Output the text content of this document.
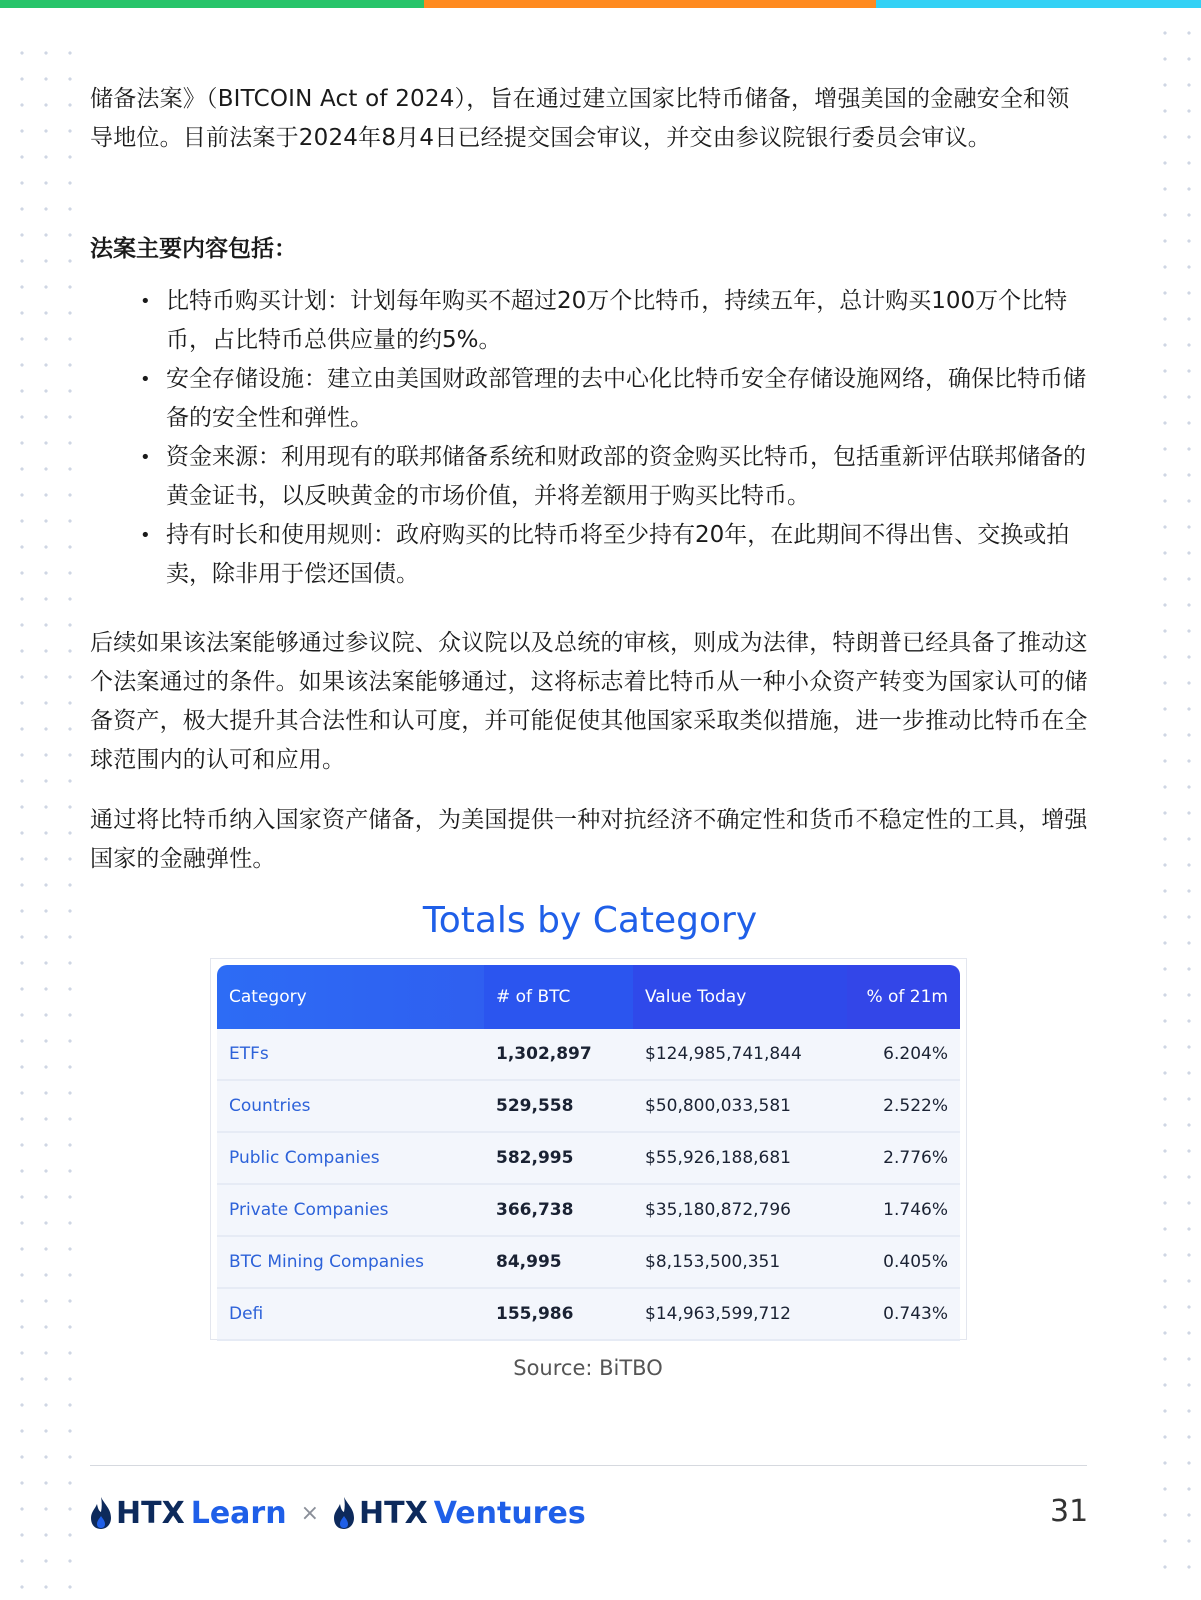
储备法案》（BITCOIN Act of 2024），旨在通过建立国家比特币储备，增强美国的金融安全和领导地位。目前法案于2024年8月4日已经提交国会审议，并交由参议院银行委员会审议。

法案主要内容包括：

• 比特币购买计划：计划每年购买不超过20万个比特币，持续五年，总计购买100万个比特币，占比特币总供应量的约5%。
• 安全存储设施：建立由美国财政部管理的去中心化比特币安全存储设施网络，确保比特币储备的安全性和弹性。
• 资金来源：利用现有的联邦储备系统和财政部的资金购买比特币，包括重新评估联邦储备的黄金证书，以反映黄金的市场价值，并将差额用于购买比特币。
• 持有时长和使用规则：政府购买的比特币将至少持有20年，在此期间不得出售、交换或拍卖，除非用于偿还国债。

后续如果该法案能够通过参议院、众议院以及总统的审核，则成为法律，特朗普已经具备了推动这个法案通过的条件。如果该法案能够通过，这将标志着比特币从一种小众资产转变为国家认可的储备资产，极大提升其合法性和认可度，并可能促使其他国家采取类似措施，进一步推动比特币在全球范围内的认可和应用。

通过将比特币纳入国家资产储备，为美国提供一种对抗经济不确定性和货币不稳定性的工具，增强国家的金融弹性。

Totals by Category
Category	# of BTC	Value Today	% of 21m
ETFs	1,302,897	$124,985,741,844	6.204%
Countries	529,558	$50,800,033,581	2.522%
Public Companies	582,995	$55,926,188,681	2.776%
Private Companies	366,738	$35,180,872,796	1.746%
BTC Mining Companies	84,995	$8,153,500,351	0.405%
Defi	155,986	$14,963,599,712	0.743%
Source: BiTBO
HTX Learn × HTX Ventures	31
